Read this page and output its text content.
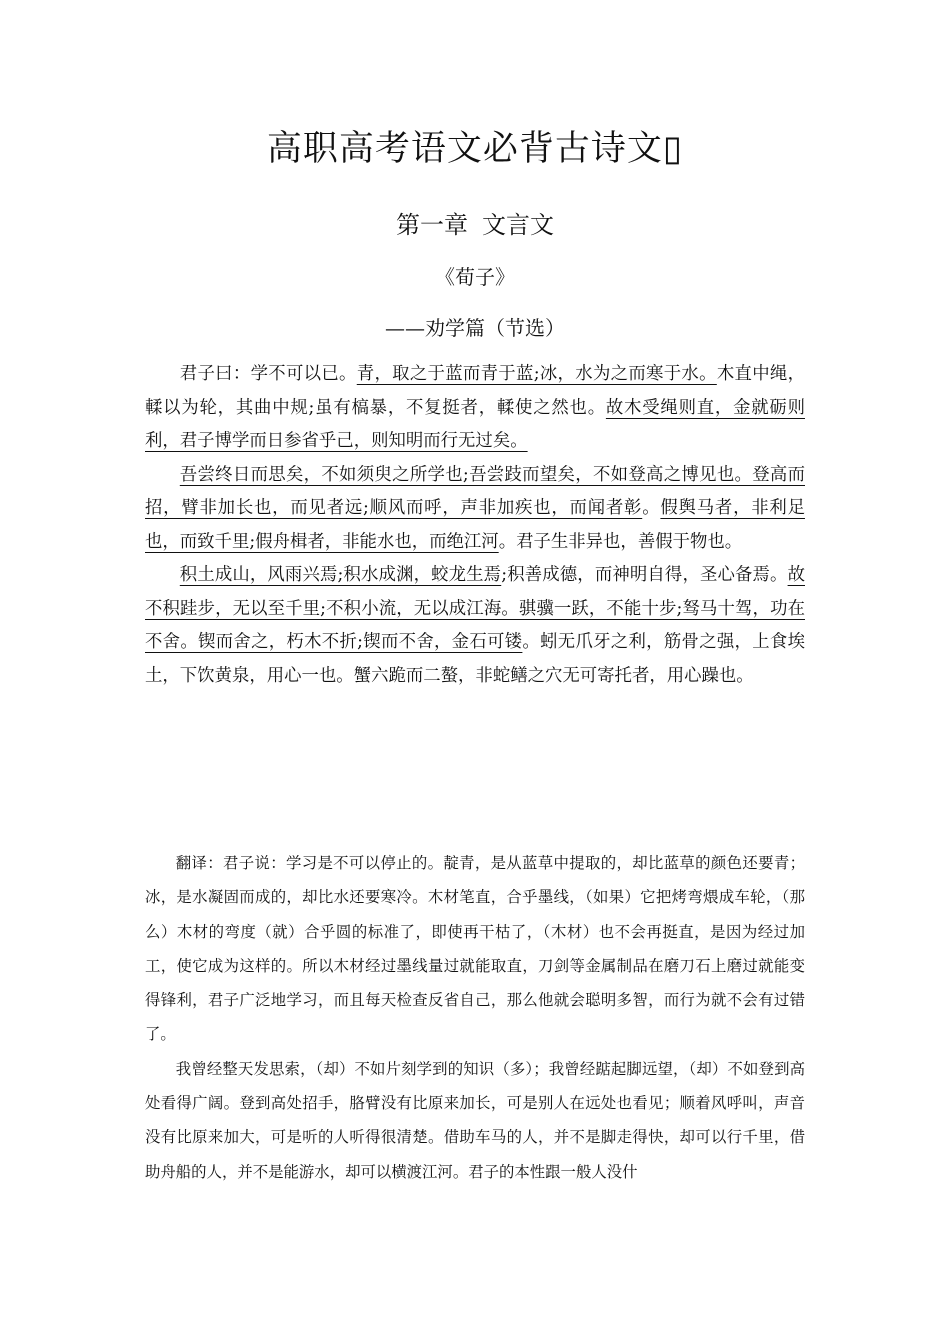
高职高考语文必背古诗文▯
第一章 文言文
《荀子》
——劝学篇（节选）

君子曰：学不可以已。青，取之于蓝而青于蓝;冰，水为之而寒于水。木直中绳，輮以为轮，其曲中规;虽有槁暴，不复挺者，輮使之然也。故木受绳则直，金就砺则利，君子博学而日参省乎己，则知明而行无过矣。

吾尝终日而思矣，不如须臾之所学也;吾尝跂而望矣，不如登高之博见也。登高而招，臂非加长也，而见者远;顺风而呼，声非加疾也，而闻者彰。假舆马者，非利足也，而致千里;假舟楫者，非能水也，而绝江河。君子生非异也，善假于物也。

积土成山，风雨兴焉;积水成渊，蛟龙生焉;积善成德，而神明自得，圣心备焉。故不积跬步，无以至千里;不积小流，无以成江海。骐骥一跃，不能十步;驽马十驾，功在不舍。锲而舍之，朽木不折;锲而不舍，金石可镂。蚓无爪牙之利，筋骨之强，上食埃土，下饮黄泉，用心一也。蟹六跪而二螯，非蛇鳝之穴无可寄托者，用心躁也。

翻译：君子说：学习是不可以停止的。靛青，是从蓝草中提取的，却比蓝草的颜色还要青；冰，是水凝固而成的，却比水还要寒冷。木材笔直，合乎墨线，（如果）它把烤弯煨成车轮，（那么）木材的弯度（就）合乎圆的标准了，即使再干枯了，（木材）也不会再挺直，是因为经过加工，使它成为这样的。所以木材经过墨线量过就能取直，刀剑等金属制品在磨刀石上磨过就能变得锋利，君子广泛地学习，而且每天检查反省自己，那么他就会聪明多智，而行为就不会有过错了。

我曾经整天发思索，（却）不如片刻学到的知识（多）；我曾经踮起脚远望，（却）不如登到高处看得广阔。登到高处招手，胳臂没有比原来加长，可是别人在远处也看见；顺着风呼叫，声音没有比原来加大，可是听的人听得很清楚。借助车马的人，并不是脚走得快，却可以行千里，借助舟船的人，并不是能游水，却可以横渡江河。君子的本性跟一般人没什
